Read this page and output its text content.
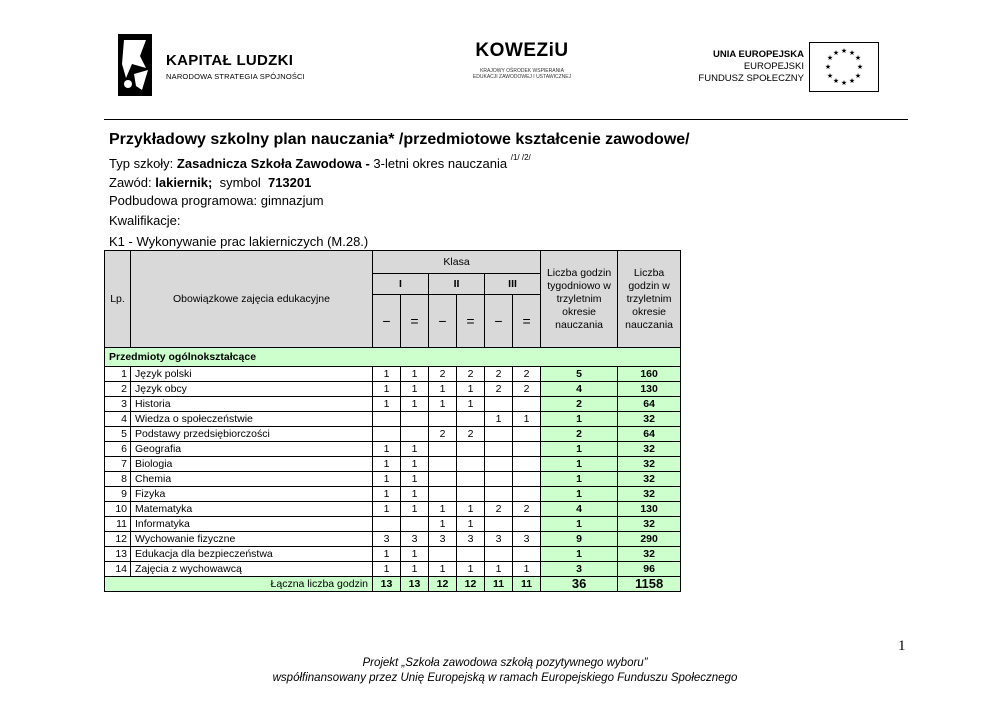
KAPITAŁ LUDZKI
NARODOWA STRATEGIA SPÓJNOŚCI
KOWEZiU
KRAJOWY OŚRODEK WSPIERANIA
EDUKACJI ZAWODOWEJ I USTAWICZNEJ
UNIA EUROPEJSKA
EUROPEJSKI
FUNDUSZ SPOŁECZNY
★ ★
★
★
★
★
★
★
★
★
★
★
Przykładowy szkolny plan nauczania* /przedmiotowe kształcenie zawodowe/
Typ szkoły: Zasadnicza Szkoła Zawodowa - 3-letni okres nauczania $^{/1/ /2/}$
Zawód: lakiernik;  symbol  713201
Podbudowa programowa: gimnazjum
Kwalifikacje:
K1 - Wykonywanie prac lakierniczych (M.28.)
Lp.	Obowiązkowe zajęcia edukacyjne	Klasa						Liczba godzin tygodniowo w trzyletnim okresie nauczania	Liczba godzin w trzyletnim okresie nauczania
		I		II		III			
		−	=	−	=	−	=		
Przedmioty ogólnokształcące									
1	Język polski	1	1	2	2	2	2	5	160
2	Język obcy	1	1	1	1	2	2	4	130
3	Historia	1	1	1	1			2	64
4	Wiedza o społeczeństwie					1	1	1	32
5	Podstawy przedsiębiorczości			2	2			2	64
6	Geografia	1	1					1	32
7	Biologia	1	1					1	32
8	Chemia	1	1					1	32
9	Fizyka	1	1					1	32
10	Matematyka	1	1	1	1	2	2	4	130
11	Informatyka			1	1			1	32
12	Wychowanie fizyczne	3	3	3	3	3	3	9	290
13	Edukacja dla bezpieczeństwa	1	1					1	32
14	Zajęcia z wychowawcą	1	1	1	1	1	1	3	96
Łączna liczba godzin		13	13	12	12	11	11	36	1158
1
Projekt „Szkoła zawodowa szkołą pozytywnego wyboru”
współfinansowany przez Unię Europejską w ramach Europejskiego Funduszu Społecznego
